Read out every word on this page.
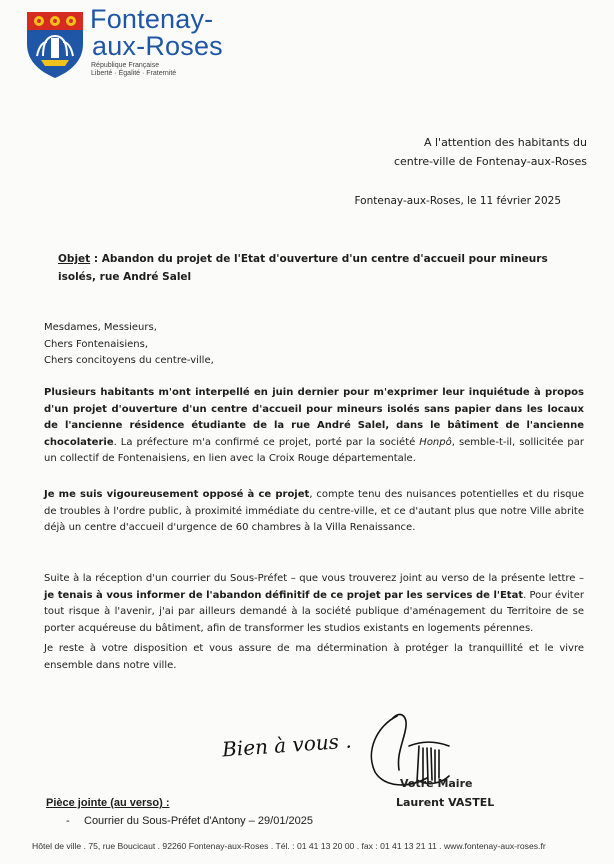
Fontenay-
aux-Roses
République Française
Liberté · Égalité · Fraternité
A l'attention des habitants du
centre-ville de Fontenay-aux-Roses
Fontenay-aux-Roses, le 11 février 2025
Objet : Abandon du projet de l'Etat d'ouverture d'un centre d'accueil pour mineurs isolés, rue André Salel
Mesdames, Messieurs,
Chers Fontenaisiens,
Chers concitoyens du centre-ville,
Plusieurs habitants m'ont interpellé en juin dernier pour m'exprimer leur inquiétude à propos d'un projet d'ouverture d'un centre d'accueil pour mineurs isolés sans papier dans les locaux de l'ancienne résidence étudiante de la rue André Salel, dans le bâtiment de l'ancienne chocolaterie. La préfecture m'a confirmé ce projet, porté par la société Honpô, semble-t-il, sollicitée par un collectif de Fontenaisiens, en lien avec la Croix Rouge départementale.
Je me suis vigoureusement opposé à ce projet, compte tenu des nuisances potentielles et du risque de troubles à l'ordre public, à proximité immédiate du centre-ville, et ce d'autant plus que notre Ville abrite déjà un centre d'accueil d'urgence de 60 chambres à la Villa Renaissance.
Suite à la réception d'un courrier du Sous-Préfet – que vous trouverez joint au verso de la présente lettre – je tenais à vous informer de l'abandon définitif de ce projet par les services de l'Etat. Pour éviter tout risque à l'avenir, j'ai par ailleurs demandé à la société publique d'aménagement du Territoire de se porter acquéreuse du bâtiment, afin de transformer les studios existants en logements pérennes.
Je reste à votre disposition et vous assure de ma détermination à protéger la tranquillité et le vivre ensemble dans notre ville.
Bien à vous .
Votre Maire
Laurent VASTEL
Pièce jointe (au verso) :
- Courrier du Sous-Préfet d'Antony – 29/01/2025
Hôtel de ville . 75, rue Boucicaut . 92260 Fontenay-aux-Roses . Tél. : 01 41 13 20 00 . fax : 01 41 13 21 11 . www.fontenay-aux-roses.fr
